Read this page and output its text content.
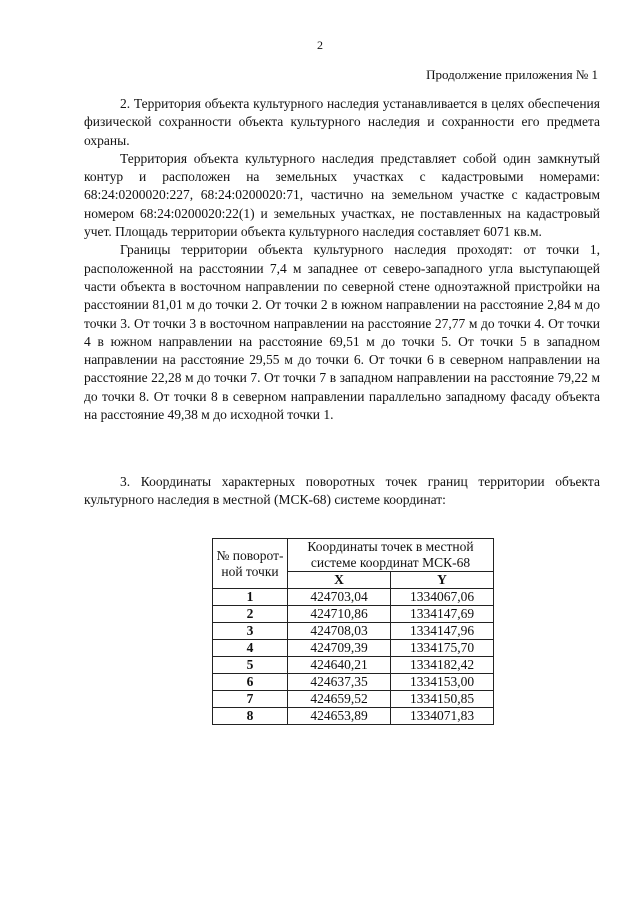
2
Продолжение приложения № 1

2. Территория объекта культурного наследия устанавливается в целях обеспечения физической сохранности объекта культурного наследия и сохранности его предмета охраны.

Территория объекта культурного наследия представляет собой один замкнутый контур и расположен на земельных участках с кадастровыми номерами: 68:24:0200020:227, 68:24:0200020:71, частично на земельном участке с кадастровым номером 68:24:0200020:22(1) и земельных участках, не поставленных на кадастровый учет. Площадь территории объекта культурного наследия составляет 6071 кв.м.

Границы территории объекта культурного наследия проходят: от точки 1, расположенной на расстоянии 7,4 м западнее от северо-западного угла выступающей части объекта в восточном направлении по северной стене одноэтажной пристройки на расстоянии 81,01 м до точки 2. От точки 2 в южном направлении на расстояние 2,84 м до точки 3. От точки 3 в восточном направлении на расстояние 27,77 м до точки 4. От точки 4 в южном направлении на расстояние 69,51 м до точки 5. От точки 5 в западном направлении на расстояние 29,55 м до точки 6. От точки 6 в северном направлении на расстояние 22,28 м до точки 7. От точки 7 в западном направлении на расстояние 79,22 м до точки 8. От точки 8 в северном направлении параллельно западному фасаду объекта на расстояние 49,38 м до исходной точки 1.

3. Координаты характерных поворотных точек границ территории объекта культурного наследия в местной (МСК-68) системе координат:

№ поворот-ной точки	Координаты точек в местной системе координат МСК-68	
	X	Y
1	424703,04	1334067,06
2	424710,86	1334147,69
3	424708,03	1334147,96
4	424709,39	1334175,70
5	424640,21	1334182,42
6	424637,35	1334153,00
7	424659,52	1334150,85
8	424653,89	1334071,83
